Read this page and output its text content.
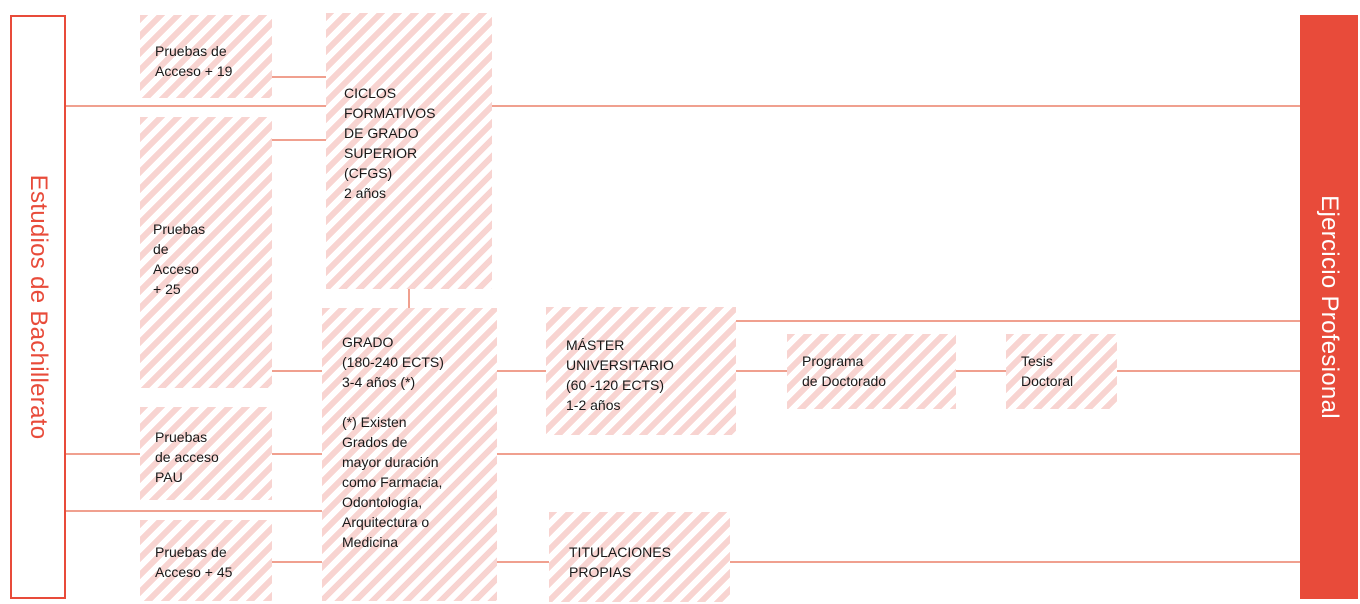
Estudios de Bachillerato	Ejercicio Profesional
Pruebas de
Acceso + 19
CICLOS
FORMATIVOS
DE GRADO
SUPERIOR
(CFGS)
2 años
Pruebas
de
Acceso
+ 25
GRADO
(180-240 ECTS)
3-4 años (*)

(*) Existen
Grados de
mayor duración
como Farmacia,
Odontología,
Arquitectura o
Medicina
MÁSTER
UNIVERSITARIO
(60 -120 ECTS)
1-2 años
Programa
de Doctorado
Tesis
Doctoral
Pruebas
de acceso
PAU
Pruebas de
Acceso + 45
TITULACIONES
PROPIAS
